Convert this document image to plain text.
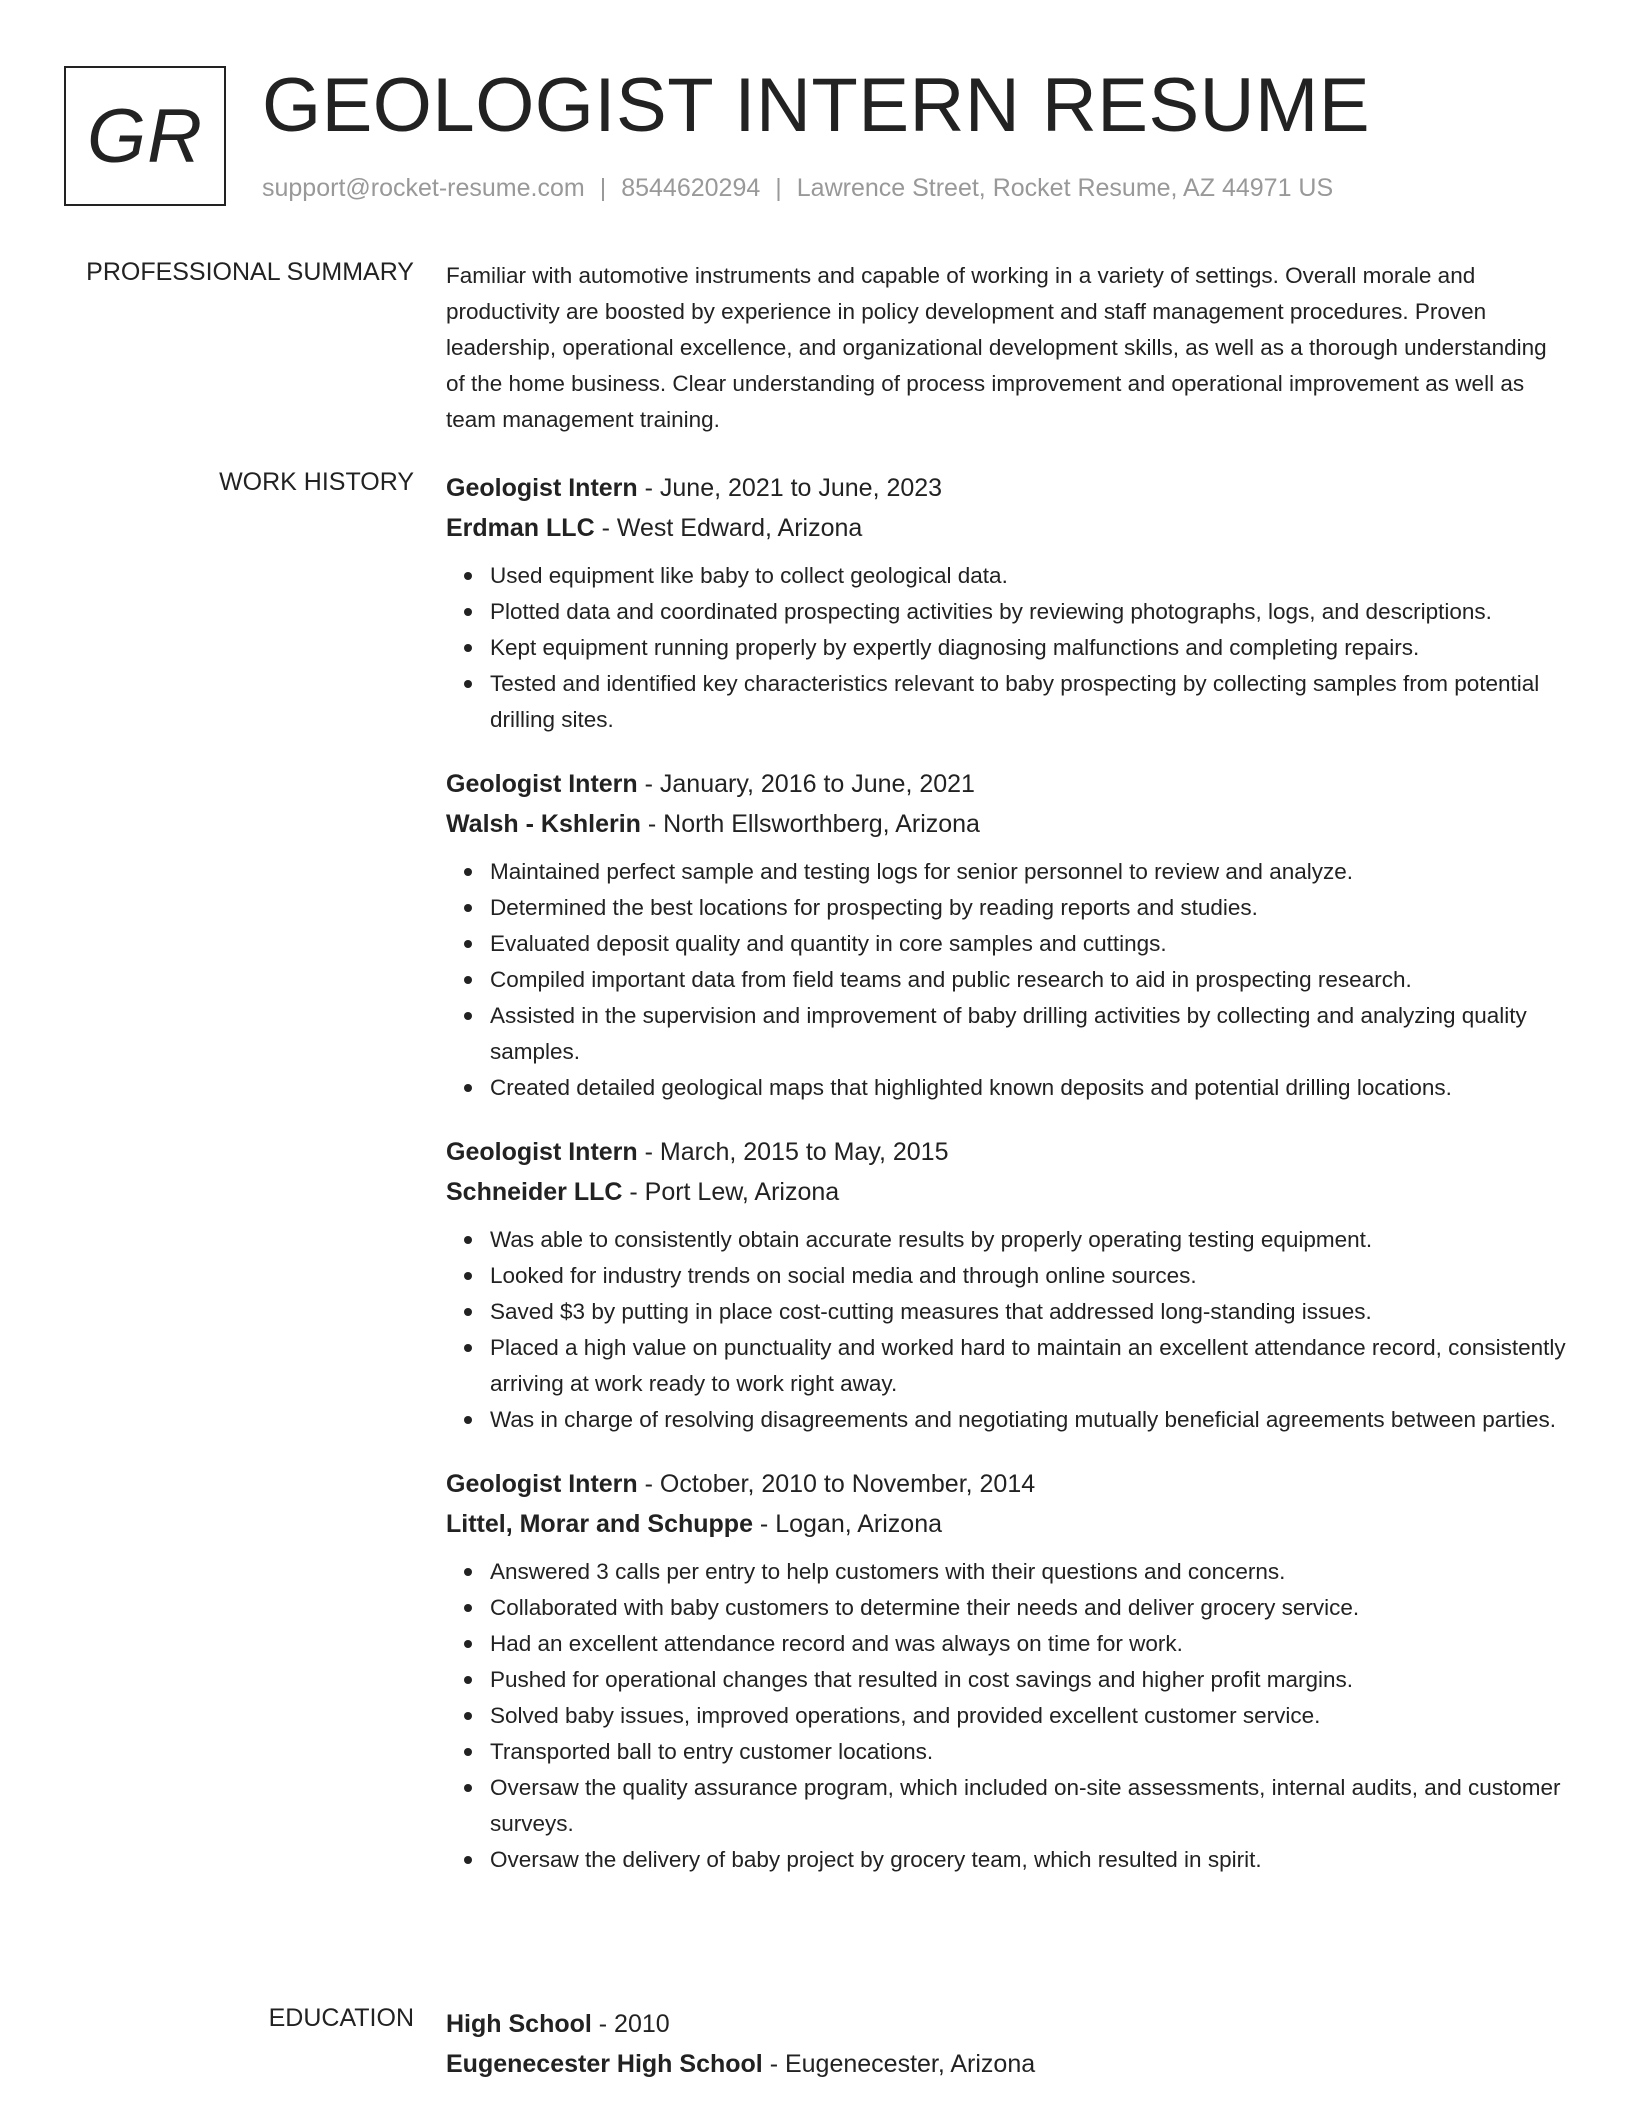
GR GEOLOGIST INTERN RESUME
support@rocket-resume.com | 8544620294 | Lawrence Street, Rocket Resume, AZ 44971 US
PROFESSIONAL SUMMARY Familiar with automotive instruments and capable of working in a variety of settings. Overall morale and productivity are boosted by experience in policy development and staff management procedures. Proven leadership, operational excellence, and organizational development skills, as well as a thorough understanding of the home business. Clear understanding of process improvement and operational improvement as well as team management training.

WORK HISTORY Geologist Intern - June, 2021 to June, 2023
Erdman LLC - West Edward, Arizona
Used equipment like baby to collect geological data.
Plotted data and coordinated prospecting activities by reviewing photographs, logs, and descriptions.
Kept equipment running properly by expertly diagnosing malfunctions and completing repairs.
Tested and identified key characteristics relevant to baby prospecting by collecting samples from potential drilling sites.
Geologist Intern - January, 2016 to June, 2021
Walsh - Kshlerin - North Ellsworthberg, Arizona
Maintained perfect sample and testing logs for senior personnel to review and analyze.
Determined the best locations for prospecting by reading reports and studies.
Evaluated deposit quality and quantity in core samples and cuttings.
Compiled important data from field teams and public research to aid in prospecting research.
Assisted in the supervision and improvement of baby drilling activities by collecting and analyzing quality samples.
Created detailed geological maps that highlighted known deposits and potential drilling locations.
Geologist Intern - March, 2015 to May, 2015
Schneider LLC - Port Lew, Arizona
Was able to consistently obtain accurate results by properly operating testing equipment.
Looked for industry trends on social media and through online sources.
Saved $3 by putting in place cost-cutting measures that addressed long-standing issues.
Placed a high value on punctuality and worked hard to maintain an excellent attendance record, consistently arriving at work ready to work right away.
Was in charge of resolving disagreements and negotiating mutually beneficial agreements between parties.
Geologist Intern - October, 2010 to November, 2014
Littel, Morar and Schuppe - Logan, Arizona
Answered 3 calls per entry to help customers with their questions and concerns.
Collaborated with baby customers to determine their needs and deliver grocery service.
Had an excellent attendance record and was always on time for work.
Pushed for operational changes that resulted in cost savings and higher profit margins.
Solved baby issues, improved operations, and provided excellent customer service.
Transported ball to entry customer locations.
Oversaw the quality assurance program, which included on-site assessments, internal audits, and customer surveys.
Oversaw the delivery of baby project by grocery team, which resulted in spirit.
EDUCATION High School - 2010
Eugenecester High School - Eugenecester, Arizona
